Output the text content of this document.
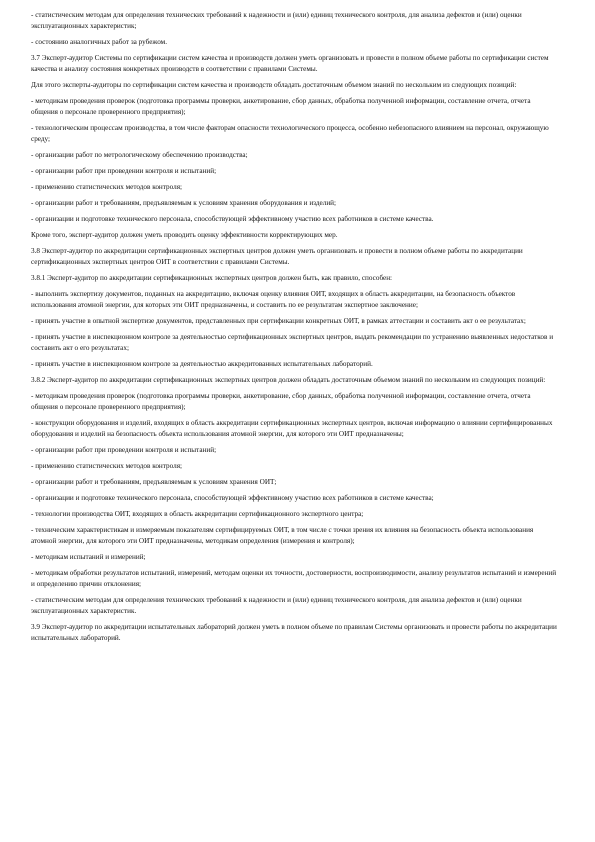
- статистическим методам для определения технических требований к надежности и (или) единиц технического контроля, для анализа дефектов и (или) оценки эксплуатационных характеристик;

- состоянию аналогичных работ за рубежом.

3.7 Эксперт-аудитор Системы по сертификации систем качества и производств должен уметь организовать и провести в полном объеме работы по сертификации систем качества и анализу состояния конкретных производств в соответствии с правилами Системы.

Для этого эксперты-аудиторы по сертификации систем качества и производств обладать достаточным объемом знаний по нескольким из следующих позиций:

- методикам проведения проверок (подготовка программы проверки, анкетирование, сбор данных, обработка полученной информации, составление отчета, отчета общения о персонале проверенного предприятия);

- технологическим процессам производства, в том числе факторам опасности технологического процесса, особенно небезопасного влиянием на персонал, окружающую среду;

- организации работ по метрологическому обеспечению производства;

- организации работ при проведении контроля и испытаний;

- применению статистических методов контроля;

- организации работ и требованиям, предъявляемым к условиям хранения оборудования и изделий;

- организации и подготовке технического персонала, способствующей эффективному участию всех работников в системе качества.

Кроме того, эксперт-аудитор должен уметь проводить оценку эффективности корректирующих мер.

3.8 Эксперт-аудитор по аккредитации сертификационных экспертных центров должен уметь организовать и провести в полном объеме работы по аккредитации сертификационных экспертных центров ОИТ в соответствии с правилами Системы.

3.8.1 Эксперт-аудитор по аккредитации сертификационных экспертных центров должен быть, как правило, способен:

- выполнить экспертизу документов, поданных на аккредитацию, включая оценку влияния ОИТ, входящих в область аккредитации, на безопасность объектов использования атомной энергии, для которых эти ОИТ предназначены, и составить по ее результатам экспертное заключение;

- принять участие в опытной экспертизе документов, представленных при сертификации конкретных ОИТ, в рамках аттестации и составить акт о ее результатах;

- принять участие в инспекционном контроле за деятельностью сертификационных экспертных центров, выдать рекомендации по устранению выявленных недостатков и составить акт о его результатах;

- принять участие в инспекционном контроле за деятельностью аккредитованных испытательных лабораторий.

3.8.2 Эксперт-аудитор по аккредитации сертификационных экспертных центров должен обладать достаточным объемом знаний по нескольким из следующих позиций:

- методикам проведения проверок (подготовка программы проверки, анкетирование, сбор данных, обработка полученной информации, составление отчета, отчета общения о персонале проверенного предприятия);

- конструкции оборудования и изделий, входящих в область аккредитации сертификационных экспертных центров, включая информацию о влиянии сертифицированных оборудования и изделий на безопасность объекта использования атомной энергии, для которого эти ОИТ предназначены;

- организации работ при проведении контроля и испытаний;

- применению статистических методов контроля;

- организации работ и требованиям, предъявляемым к условиям хранения ОИТ;

- организации и подготовке технического персонала, способствующей эффективному участию всех работников в системе качества;

- технологии производства ОИТ, входящих в область аккредитации сертификационного экспертного центра;

- техническим характеристикам и измеряемым показателям сертифицируемых ОИТ, в том числе с точки зрения их влияния на безопасность объекта использования атомной энергии, для которого эти ОИТ предназначены, методикам определения (измерения и контроля);

- методикам испытаний и измерений;

- методикам обработки результатов испытаний, измерений, методам оценки их точности, достоверности, воспроизводимости, анализу результатов испытаний и измерений и определению причин отклонения;

- статистическим методам для определения технических требований к надежности и (или) единиц технического контроля, для анализа дефектов и (или) оценки эксплуатационных характеристик.

3.9 Эксперт-аудитор по аккредитации испытательных лабораторий должен уметь в полном объеме по правилам Системы организовать и провести работы по аккредитации испытательных лабораторий.
